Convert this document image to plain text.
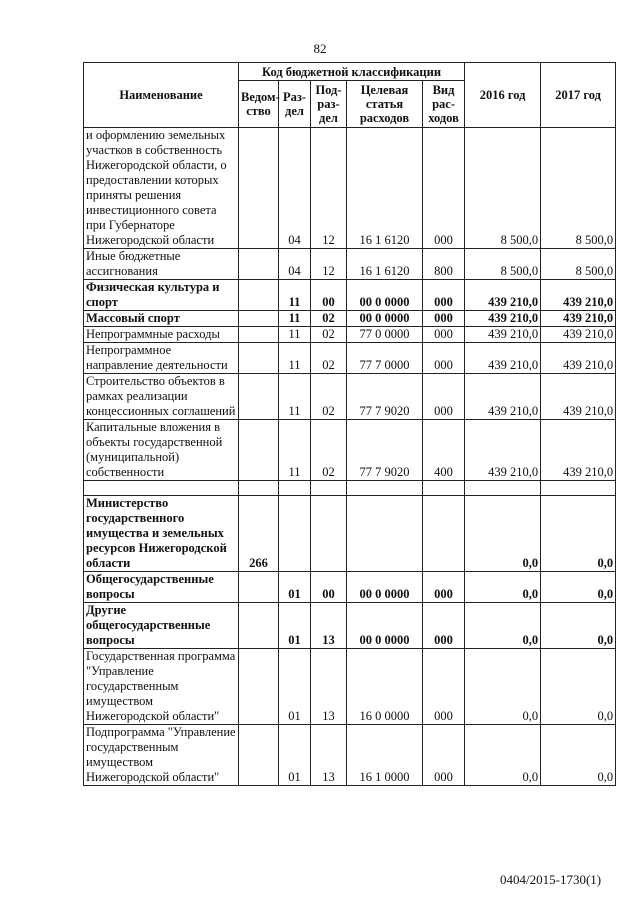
82
Наименование	Код бюджетной классификации					2016 год	2017 год
	Ведом-ство	Раз-дел	Под-раз-дел	Целевая статья расходов	Вид рас-ходов		
и оформлению земельных участков в собственность Нижегородской области, о предоставлении которых приняты решения инвестиционного совета при Губернаторе Нижегородской области		04	12	16 1 6120	000	8 500,0	8 500,0
Иные бюджетные ассигнования		04	12	16 1 6120	800	8 500,0	8 500,0
Физическая культура и спорт		11	00	00 0 0000	000	439 210,0	439 210,0
Массовый спорт		11	02	00 0 0000	000	439 210,0	439 210,0
Непрограммные расходы		11	02	77 0 0000	000	439 210,0	439 210,0
Непрограммное направление деятельности		11	02	77 7 0000	000	439 210,0	439 210,0
Строительство объектов в рамках реализации концессионных соглашений		11	02	77 7 9020	000	439 210,0	439 210,0
Капитальные вложения в объекты государственной (муниципальной) собственности		11	02	77 7 9020	400	439 210,0	439 210,0

Министерство государственного имущества и земельных ресурсов Нижегородской области	266					0,0	0,0
Общегосударственные вопросы		01	00	00 0 0000	000	0,0	0,0
Другие общегосударственные вопросы		01	13	00 0 0000	000	0,0	0,0
Государственная программа "Управление государственным имуществом Нижегородской области"		01	13	16 0 0000	000	0,0	0,0
Подпрограмма "Управление государственным имуществом Нижегородской области"		01	13	16 1 0000	000	0,0	0,0
0404/2015-1730(1)
